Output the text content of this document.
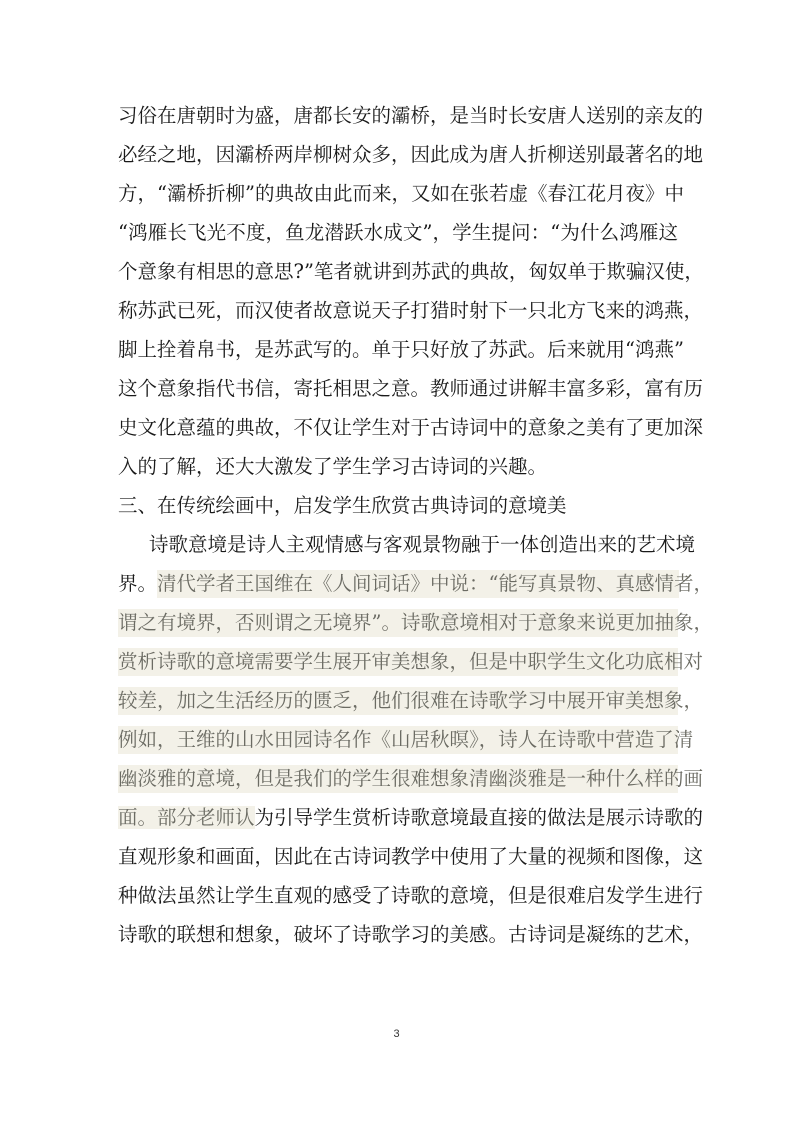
习俗在唐朝时为盛，唐都长安的灞桥，是当时长安唐人送别的亲友的
必经之地，因灞桥两岸柳树众多，因此成为唐人折柳送别最著名的地
方，“灞桥折柳”的典故由此而来，又如在张若虚《春江花月夜》中
“鸿雁长飞光不度，鱼龙潜跃水成文”，学生提问：“为什么鸿雁这
个意象有相思的意思?”笔者就讲到苏武的典故，匈奴单于欺骗汉使，
称苏武已死，而汉使者故意说天子打猎时射下一只北方飞来的鸿燕，
脚上拴着帛书，是苏武写的。单于只好放了苏武。后来就用“鸿燕”
这个意象指代书信，寄托相思之意。教师通过讲解丰富多彩，富有历
史文化意蕴的典故，不仅让学生对于古诗词中的意象之美有了更加深
入的了解，还大大激发了学生学习古诗词的兴趣。
三、在传统绘画中，启发学生欣赏古典诗词的意境美
诗歌意境是诗人主观情感与客观景物融于一体创造出来的艺术境
界。清代学者王国维在《人间词话》中说：“能写真景物、真感情者，
谓之有境界，否则谓之无境界”。诗歌意境相对于意象来说更加抽象，
赏析诗歌的意境需要学生展开审美想象，但是中职学生文化功底相对
较差，加之生活经历的匮乏，他们很难在诗歌学习中展开审美想象，
例如，王维的山水田园诗名作《山居秋暝》，诗人在诗歌中营造了清
幽淡雅的意境，但是我们的学生很难想象清幽淡雅是一种什么样的画
面。部分老师认为引导学生赏析诗歌意境最直接的做法是展示诗歌的
直观形象和画面，因此在古诗词教学中使用了大量的视频和图像，这
种做法虽然让学生直观的感受了诗歌的意境，但是很难启发学生进行
诗歌的联想和想象，破坏了诗歌学习的美感。古诗词是凝练的艺术，
3
